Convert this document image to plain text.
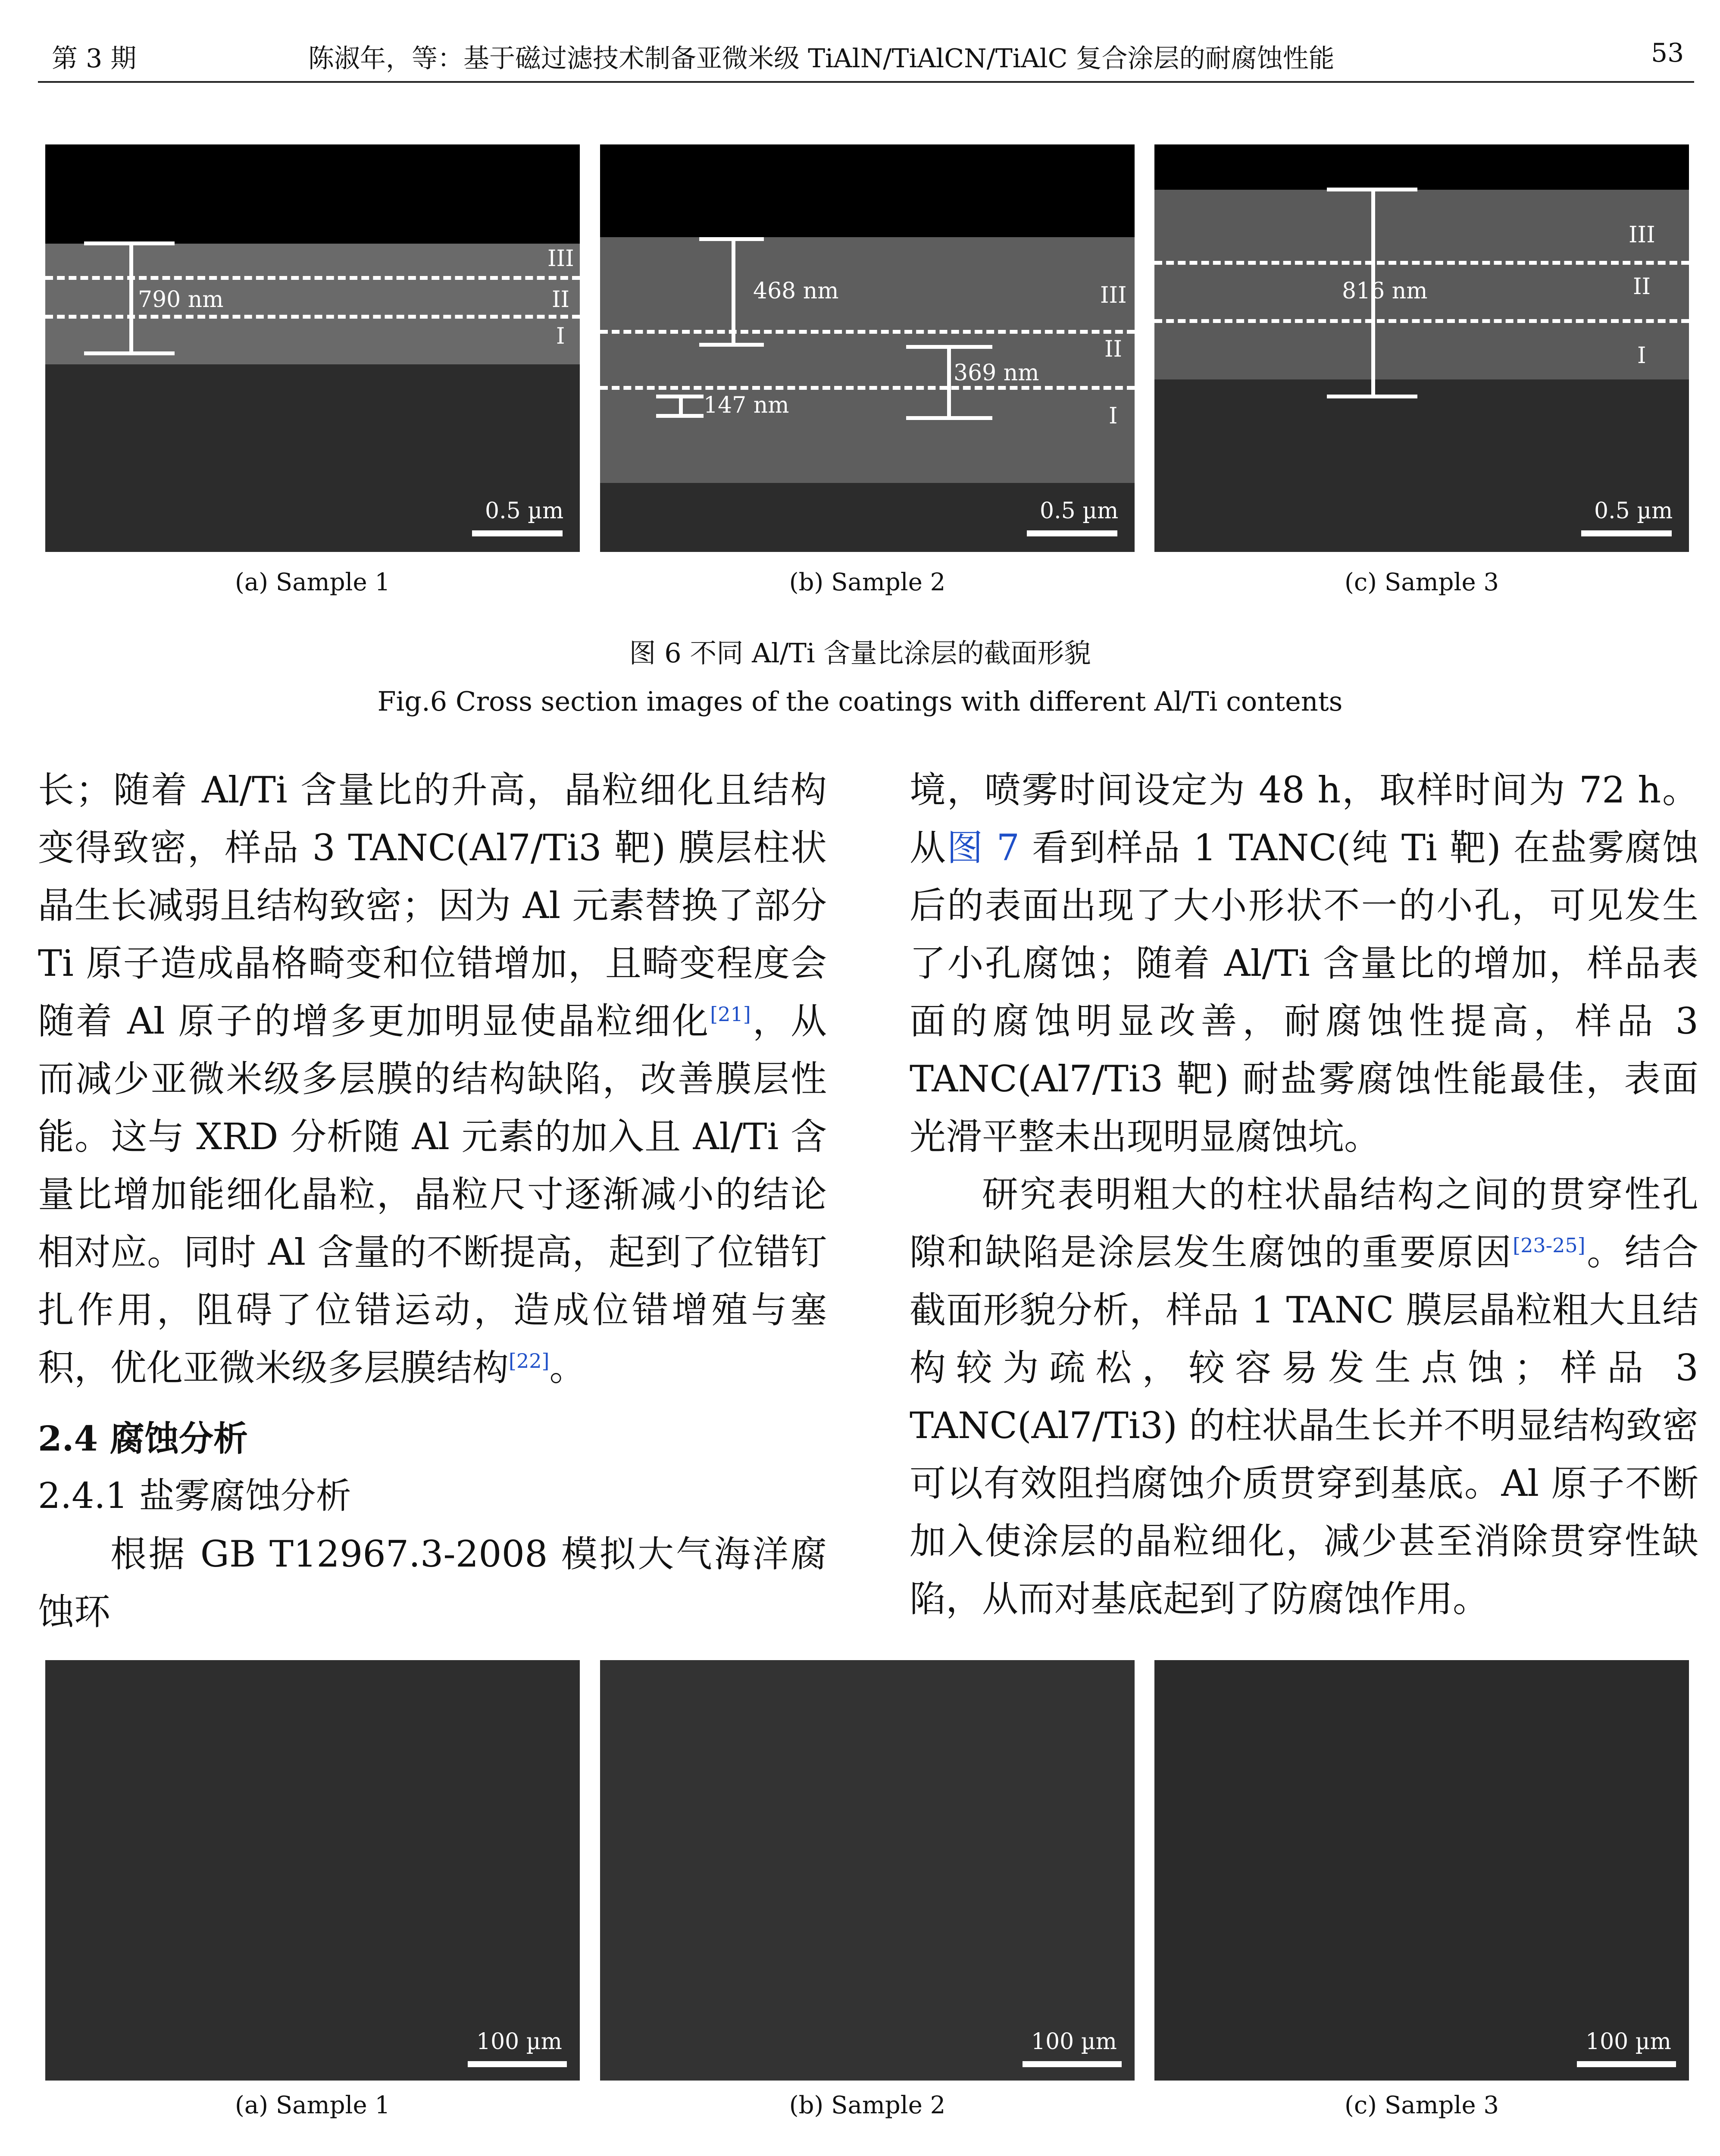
第 3 期	陈淑年，等：基于磁过滤技术制备亚微米级 TiAlN/TiAlCN/TiAlC 复合涂层的耐腐蚀性能	53
790 nm
III
II
I
0.5 µm
468 nm
369 nm
147 nm
III
II
I
0.5 µm
816 nm
III
II
I
0.5 µm
(a) Sample 1	(b) Sample 2	(c) Sample 3
图 6 不同 Al/Ti 含量比涂层的截面形貌
Fig.6 Cross section images of the coatings with different Al/Ti contents

长；随着 Al/Ti 含量比的升高，晶粒细化且结构变得致密，样品 3 TANC(Al7/Ti3 靶) 膜层柱状晶生长减弱且结构致密；因为 Al 元素替换了部分 Ti 原子造成晶格畸变和位错增加，且畸变程度会随着 Al 原子的增多更加明显使晶粒细化[21]，从而减少亚微米级多层膜的结构缺陷，改善膜层性能。这与 XRD 分析随 Al 元素的加入且 Al/Ti 含量比增加能细化晶粒，晶粒尺寸逐渐减小的结论相对应。同时 Al 含量的不断提高，起到了位错钉扎作用，阻碍了位错运动，造成位错增殖与塞积，优化亚微米级多层膜结构[22]。

2.4 腐蚀分析

2.4.1 盐雾腐蚀分析

根据 GB T12967.3-2008 模拟大气海洋腐蚀环

境，喷雾时间设定为 48 h，取样时间为 72 h。从图 7 看到样品 1 TANC(纯 Ti 靶) 在盐雾腐蚀后的表面出现了大小形状不一的小孔，可见发生了小孔腐蚀；随着 Al/Ti 含量比的增加，样品表面的腐蚀明显改善，耐腐蚀性提高，样品 3 TANC(Al7/Ti3 靶) 耐盐雾腐蚀性能最佳，表面光滑平整未出现明显腐蚀坑。

研究表明粗大的柱状晶结构之间的贯穿性孔隙和缺陷是涂层发生腐蚀的重要原因[23-25]。结合截面形貌分析，样品 1 TANC 膜层晶粒粗大且结构较为疏松，较容易发生点蚀；样品 3 TANC(Al7/Ti3) 的柱状晶生长并不明显结构致密可以有效阻挡腐蚀介质贯穿到基底。Al 原子不断加入使涂层的晶粒细化，减少甚至消除贯穿性缺陷，从而对基底起到了防腐蚀作用。

100 µm	100 µm	100 µm
(a) Sample 1	(b) Sample 2	(c) Sample 3
